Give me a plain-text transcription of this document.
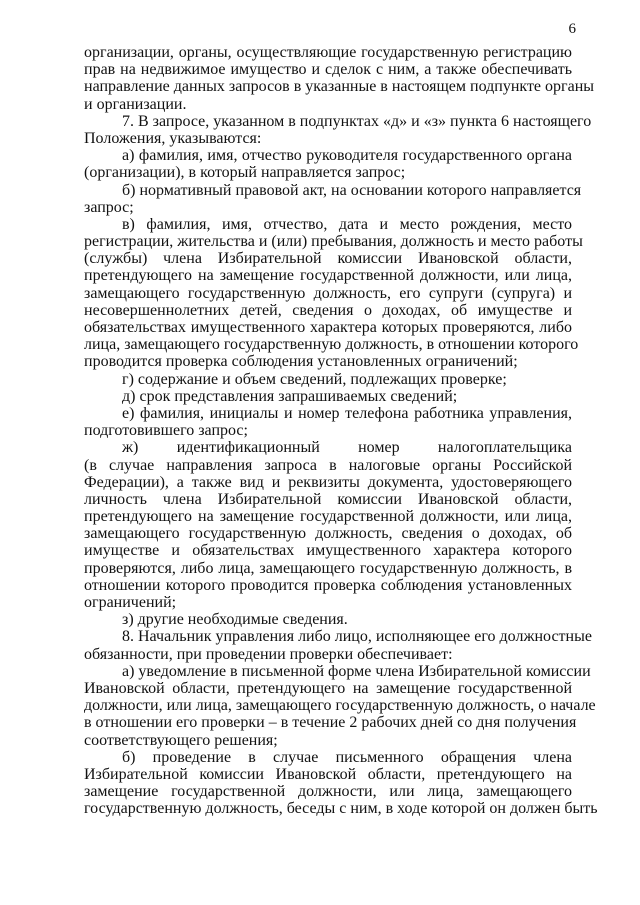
6
организации, органы, осуществляющие государственную регистрацию
прав на недвижимое имущество и сделок с ним, а также обеспечивать
направление данных запросов в указанные в настоящем подпункте органы
и организации.
7. В запросе, указанном в подпунктах «д» и «з» пункта 6 настоящего
Положения, указываются:
а) фамилия, имя, отчество руководителя государственного органа
(организации), в который направляется запрос;
б) нормативный правовой акт, на основании которого направляется
запрос;
в) фамилия, имя, отчество, дата и место рождения, место
регистрации, жительства и (или) пребывания, должность и место работы
(службы) члена Избирательной комиссии Ивановской области,
претендующего на замещение государственной должности, или лица,
замещающего государственную должность, его супруги (супруга) и
несовершеннолетних детей, сведения о доходах, об имуществе и
обязательствах имущественного характера которых проверяются, либо
лица, замещающего государственную должность, в отношении которого
проводится проверка соблюдения установленных ограничений;
г) содержание и объем сведений, подлежащих проверке;
д) срок представления запрашиваемых сведений;
е) фамилия, инициалы и номер телефона работника управления,
подготовившего запрос;
ж) идентификационный номер налогоплательщика
(в случае направления запроса в налоговые органы Российской
Федерации), а также вид и реквизиты документа, удостоверяющего
личность члена Избирательной комиссии Ивановской области,
претендующего на замещение государственной должности, или лица,
замещающего государственную должность, сведения о доходах, об
имуществе и обязательствах имущественного характера которого
проверяются, либо лица, замещающего государственную должность, в
отношении которого проводится проверка соблюдения установленных
ограничений;
з) другие необходимые сведения.
8. Начальник управления либо лицо, исполняющее его должностные
обязанности, при проведении проверки обеспечивает:
а) уведомление в письменной форме члена Избирательной комиссии
Ивановской области, претендующего на замещение государственной
должности, или лица, замещающего государственную должность, о начале
в отношении его проверки – в течение 2 рабочих дней со дня получения
соответствующего решения;
б) проведение в случае письменного обращения члена
Избирательной комиссии Ивановской области, претендующего на
замещение государственной должности, или лица, замещающего
государственную должность, беседы с ним, в ходе которой он должен быть
